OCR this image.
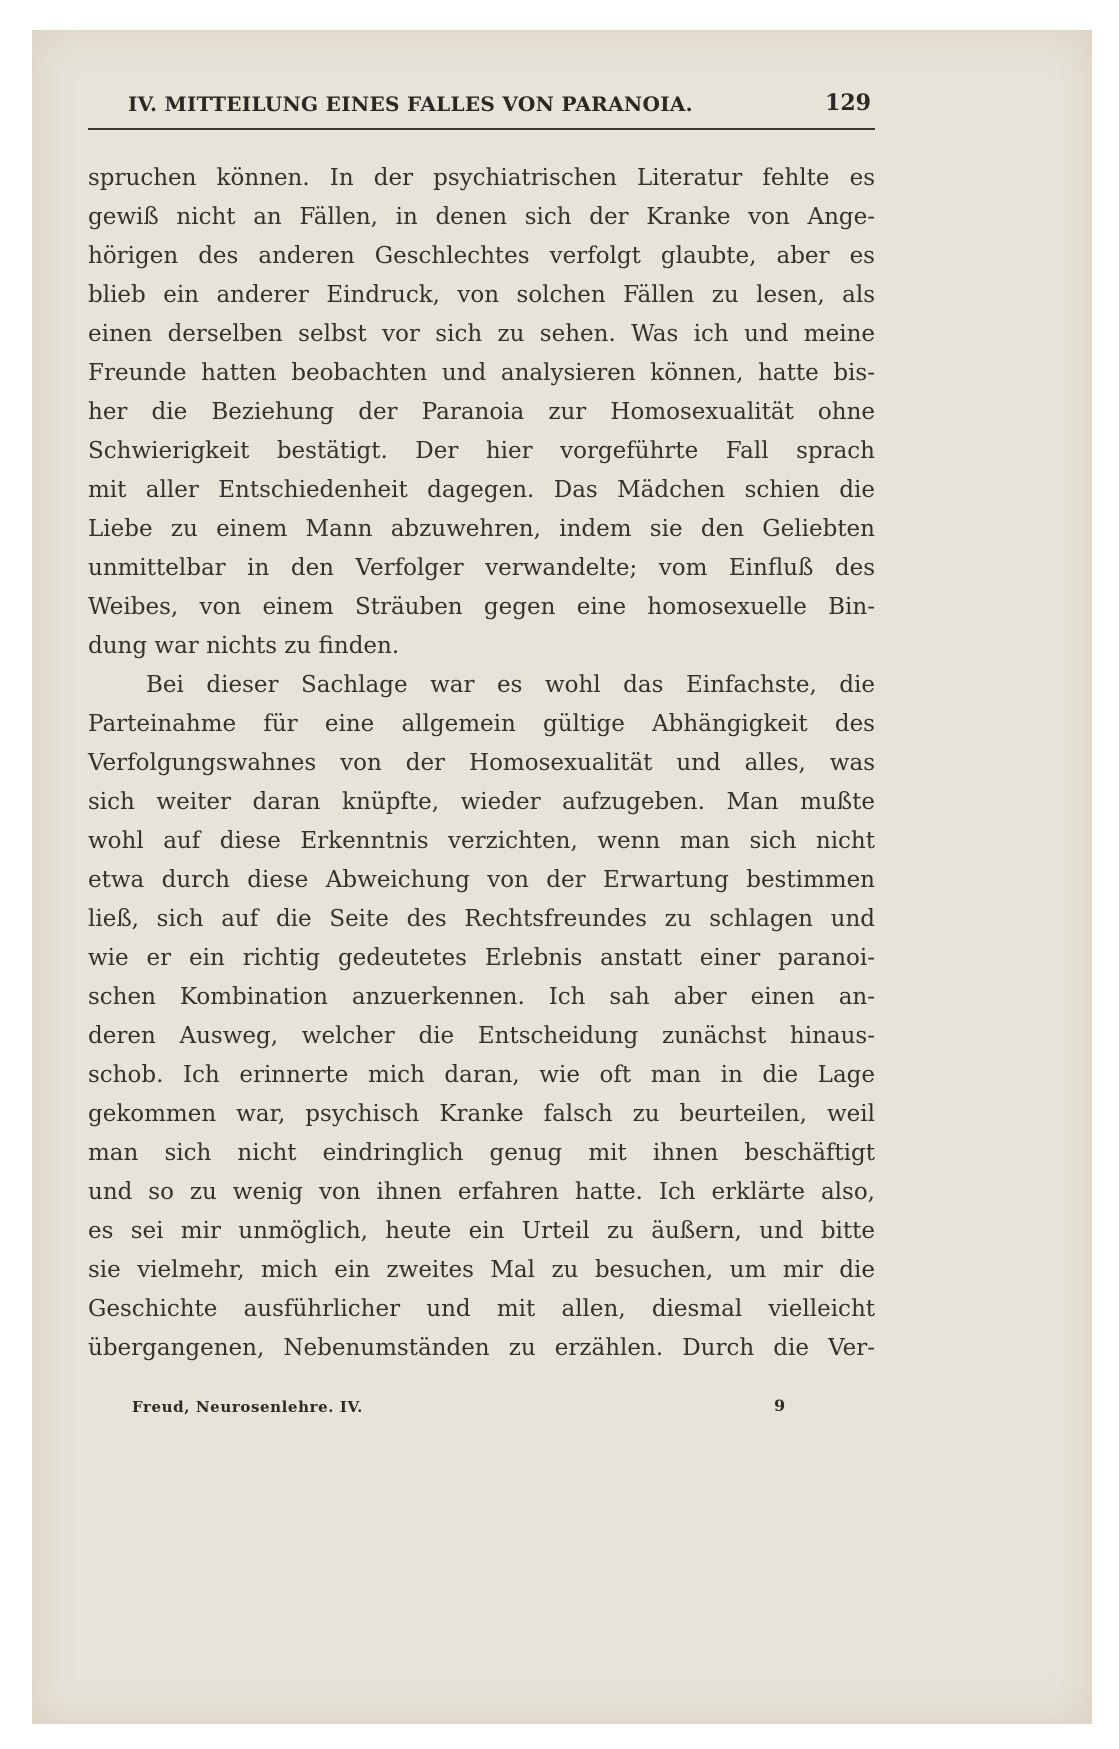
IV. MITTEILUNG EINES FALLES VON PARANOIA.	129
spruchen können. In der psychiatrischen Literatur fehlte es
gewiß nicht an Fällen, in denen sich der Kranke von Ange-
hörigen des anderen Geschlechtes verfolgt glaubte, aber es
blieb ein anderer Eindruck, von solchen Fällen zu lesen, als
einen derselben selbst vor sich zu sehen. Was ich und meine
Freunde hatten beobachten und analysieren können, hatte bis-
her die Beziehung der Paranoia zur Homosexualität ohne
Schwierigkeit bestätigt. Der hier vorgeführte Fall sprach
mit aller Entschiedenheit dagegen. Das Mädchen schien die
Liebe zu einem Mann abzuwehren, indem sie den Geliebten
unmittelbar in den Verfolger verwandelte; vom Einfluß des
Weibes, von einem Sträuben gegen eine homosexuelle Bin-
dung war nichts zu finden.
Bei dieser Sachlage war es wohl das Einfachste, die
Parteinahme für eine allgemein gültige Abhängigkeit des
Verfolgungswahnes von der Homosexualität und alles, was
sich weiter daran knüpfte, wieder aufzugeben. Man mußte
wohl auf diese Erkenntnis verzichten, wenn man sich nicht
etwa durch diese Abweichung von der Erwartung bestimmen
ließ, sich auf die Seite des Rechtsfreundes zu schlagen und
wie er ein richtig gedeutetes Erlebnis anstatt einer paranoi-
schen Kombination anzuerkennen. Ich sah aber einen an-
deren Ausweg, welcher die Entscheidung zunächst hinaus-
schob. Ich erinnerte mich daran, wie oft man in die Lage
gekommen war, psychisch Kranke falsch zu beurteilen, weil
man sich nicht eindringlich genug mit ihnen beschäftigt
und so zu wenig von ihnen erfahren hatte. Ich erklärte also,
es sei mir unmöglich, heute ein Urteil zu äußern, und bitte
sie vielmehr, mich ein zweites Mal zu besuchen, um mir die
Geschichte ausführlicher und mit allen, diesmal vielleicht
übergangenen, Nebenumständen zu erzählen. Durch die Ver-
Freud, Neurosenlehre. IV.	9
